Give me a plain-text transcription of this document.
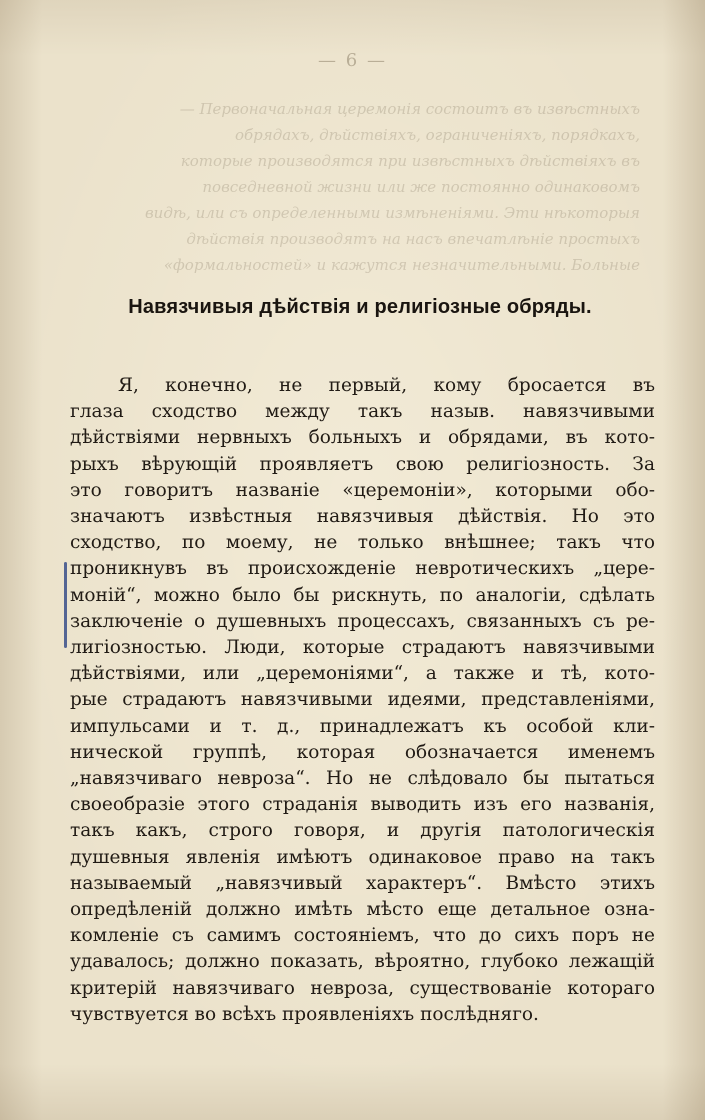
— 6 —
— Первоначальная церемонія состоитъ въ извѣстныхъ
обрядахъ, дѣйствіяхъ, ограниченіяхъ, порядкахъ,
которые производятся при извѣстныхъ дѣйствіяхъ въ
повседневной жизни или же постоянно одинаковомъ
видѣ, или съ определенными измѣненіями. Эти нѣкоторыя
дѣйствія производятъ на насъ впечатлѣніе простыхъ
«формальностей» и кажутся незначительными. Больные
Навязчивыя дѣйствія и религіозные обряды.
Я, конечно, не первый, кому бросается въ
глаза сходство между такъ назыв. навязчивыми
дѣйствіями нервныхъ больныхъ и обрядами, въ кото-
рыхъ вѣрующій проявляетъ свою религіозность. За
это говоритъ названіе «церемоніи», которыми обо-
значаютъ извѣстныя навязчивыя дѣйствія. Но это
сходство, по моему, не только внѣшнее; такъ что
проникнувъ въ происхожденіе невротическихъ „цере-
моній“, можно было бы рискнуть, по аналогіи, сдѣлать
заключеніе о душевныхъ процессахъ, связанныхъ съ ре-
лигіозностью. Люди, которые страдаютъ навязчивыми
дѣйствіями, или „церемоніями“, а также и тѣ, кото-
рые страдаютъ навязчивыми идеями, представленіями,
импульсами и т. д., принадлежатъ къ особой кли-
нической группѣ, которая обозначается именемъ
„навязчиваго невроза“. Но не слѣдовало бы пытаться
своеобразіе этого страданія выводить изъ его названія,
такъ какъ, строго говоря, и другія патологическія
душевныя явленія имѣютъ одинаковое право на такъ
называемый „навязчивый характеръ“. Вмѣсто этихъ
опредѣленій должно имѣть мѣсто еще детальное озна-
комленіе съ самимъ состояніемъ, что до сихъ поръ не
удавалось; должно показать, вѣроятно, глубоко лежащій
критерій навязчиваго невроза, существованіе котораго
чувствуется во всѣхъ проявленіяхъ послѣдняго.
